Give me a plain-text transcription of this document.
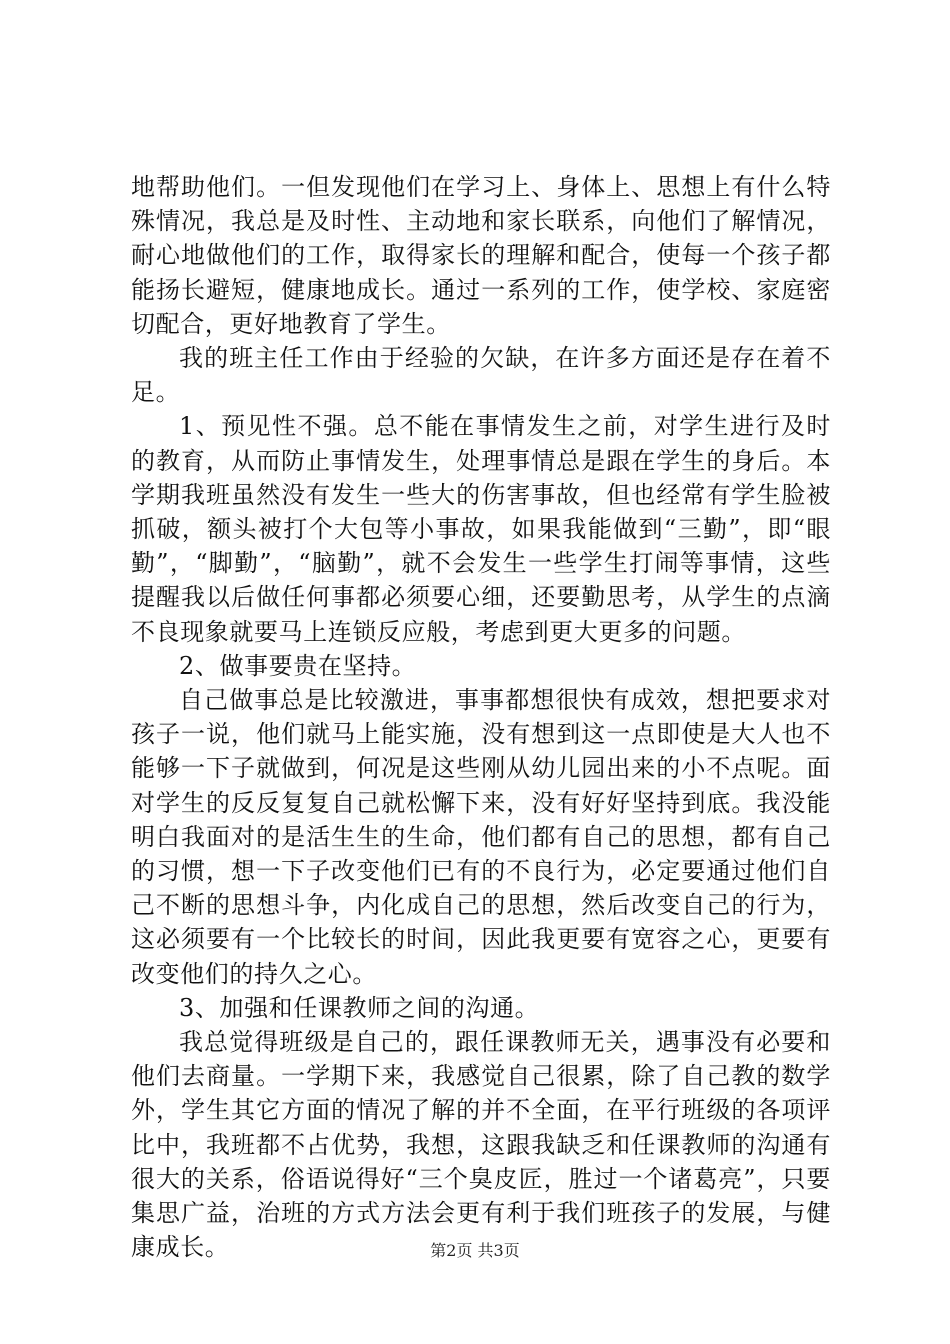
地帮助他们。一但发现他们在学习上、身体上、思想上有什么特殊情况，我总是及时性、主动地和家长联系，向他们了解情况，耐心地做他们的工作，取得家长的理解和配合，使每一个孩子都能扬长避短，健康地成长。通过一系列的工作，使学校、家庭密切配合，更好地教育了学生。

我的班主任工作由于经验的欠缺，在许多方面还是存在着不足。

1、预见性不强。总不能在事情发生之前，对学生进行及时的教育，从而防止事情发生，处理事情总是跟在学生的身后。本学期我班虽然没有发生一些大的伤害事故，但也经常有学生脸被抓破，额头被打个大包等小事故，如果我能做到“三勤”，即“眼勤”，“脚勤”，“脑勤”，就不会发生一些学生打闹等事情，这些提醒我以后做任何事都必须要心细，还要勤思考，从学生的点滴不良现象就要马上连锁反应般，考虑到更大更多的问题。

2、做事要贵在坚持。

自己做事总是比较激进，事事都想很快有成效，想把要求对孩子一说，他们就马上能实施，没有想到这一点即使是大人也不能够一下子就做到，何况是这些刚从幼儿园出来的小不点呢。面对学生的反反复复自己就松懈下来，没有好好坚持到底。我没能明白我面对的是活生生的生命，他们都有自己的思想，都有自己的习惯，想一下子改变他们已有的不良行为，必定要通过他们自己不断的思想斗争，内化成自己的思想，然后改变自己的行为，这必须要有一个比较长的时间，因此我更要有宽容之心，更要有改变他们的持久之心。

3、加强和任课教师之间的沟通。

我总觉得班级是自己的，跟任课教师无关，遇事没有必要和他们去商量。一学期下来，我感觉自己很累，除了自己教的数学外，学生其它方面的情况了解的并不全面，在平行班级的各项评比中，我班都不占优势，我想，这跟我缺乏和任课教师的沟通有很大的关系，俗语说得好“三个臭皮匠，胜过一个诸葛亮”，只要集思广益，治班的方式方法会更有利于我们班孩子的发展，与健康成长。	第2页 共3页
